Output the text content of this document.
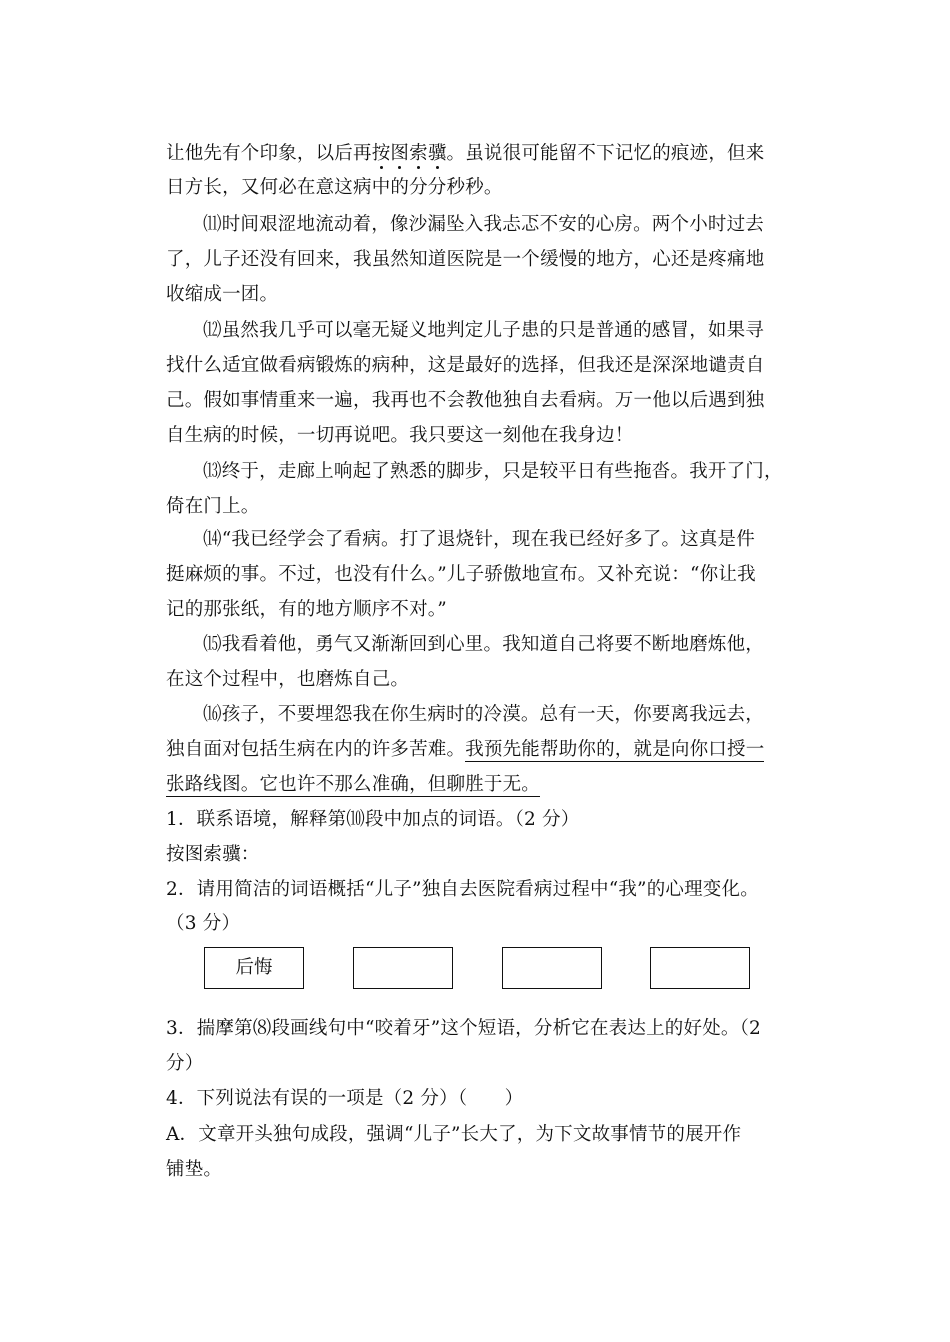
让他先有个印象，以后再按图索骥。虽说很可能留不下记忆的痕迹，但来
日方长，又何必在意这病中的分分秒秒。
⑾时间艰涩地流动着，像沙漏坠入我忐忑不安的心房。两个小时过去
了，儿子还没有回来，我虽然知道医院是一个缓慢的地方，心还是疼痛地
收缩成一团。
⑿虽然我几乎可以毫无疑义地判定儿子患的只是普通的感冒，如果寻
找什么适宜做看病锻炼的病种，这是最好的选择，但我还是深深地谴责自
己。假如事情重来一遍，我再也不会教他独自去看病。万一他以后遇到独
自生病的时候，一切再说吧。我只要这一刻他在我身边！
⒀终于，走廊上响起了熟悉的脚步，只是较平日有些拖沓。我开了门，
倚在门上。
⒁“我已经学会了看病。打了退烧针，现在我已经好多了。这真是件
挺麻烦的事。不过，也没有什么。”儿子骄傲地宣布。又补充说：“你让我
记的那张纸，有的地方顺序不对。”
⒂我看着他，勇气又渐渐回到心里。我知道自己将要不断地磨炼他，
在这个过程中，也磨炼自己。
⒃孩子，不要埋怨我在你生病时的冷漠。总有一天，你要离我远去，
独自面对包括生病在内的许多苦难。我预先能帮助你的，就是向你口授一
张路线图。它也许不那么准确，但聊胜于无。
1．联系语境，解释第⑽段中加点的词语。（2 分）
按图索骥：
2．请用简洁的词语概括“儿子”独自去医院看病过程中“我”的心理变化。
（3 分）
后悔
3．揣摩第⑻段画线句中“咬着牙”这个短语，分析它在表达上的好处。（2
分）
4．下列说法有误的一项是（2 分）（　　）
A．文章开头独句成段，强调“儿子”长大了，为下文故事情节的展开作
铺垫。
